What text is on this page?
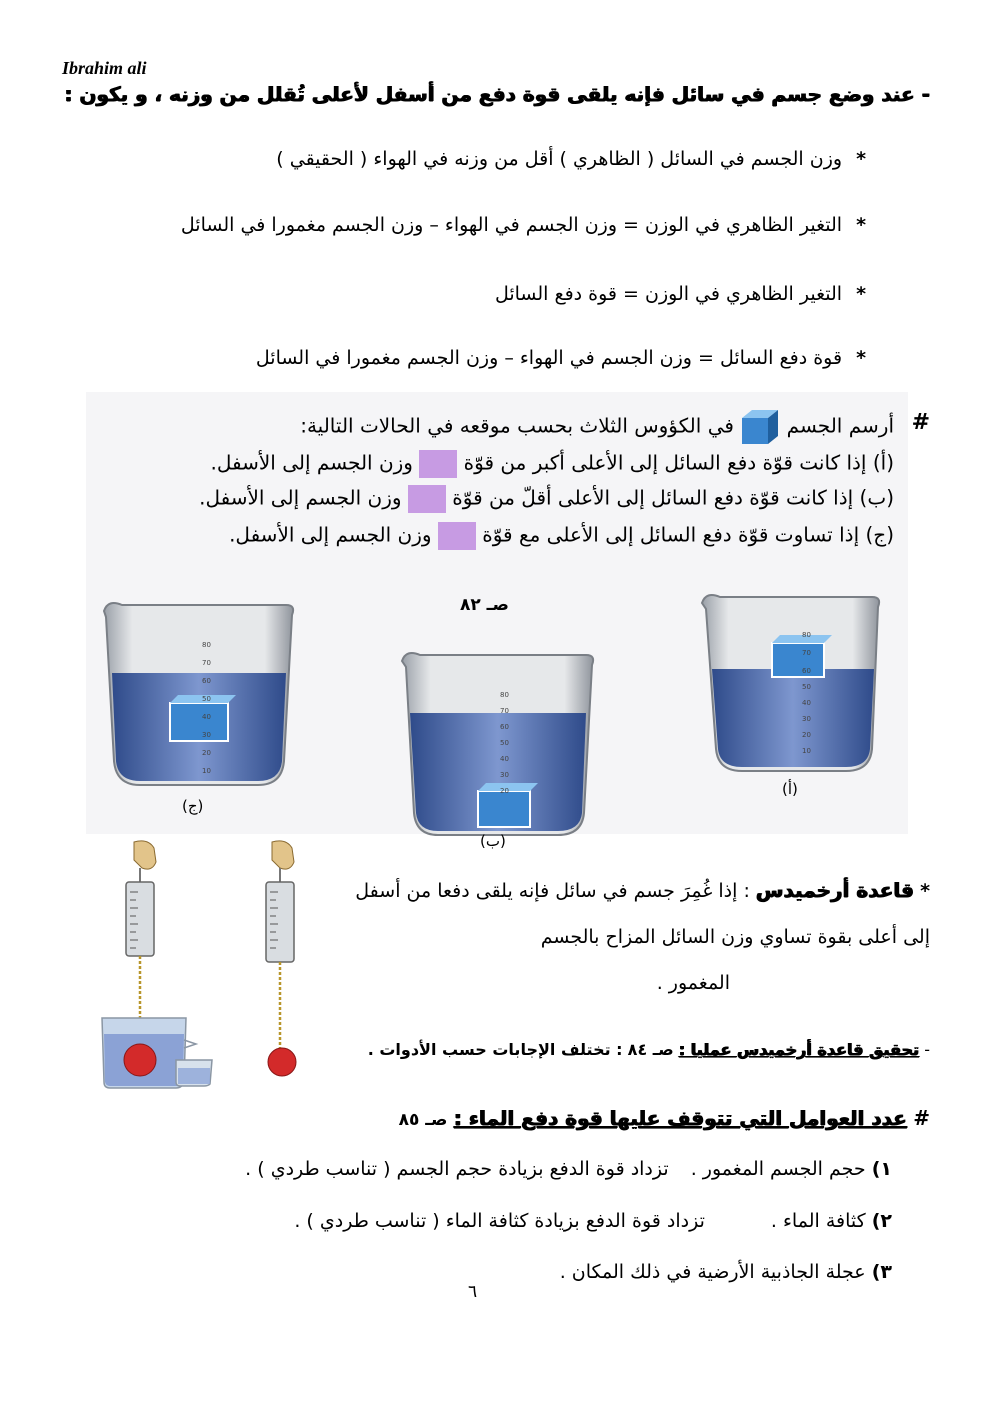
Ibrahim ali
- عند وضع جسم في سائل فإنه يلقى قوة دفع من أسفل لأعلى تُقلل من وزنه ، و يكون :
*وزن الجسم في السائل ( الظاهري ) أقل من وزنه في الهواء ( الحقيقي )
*التغير الظاهري في الوزن = وزن الجسم في الهواء – وزن الجسم مغمورا في السائل
*التغير الظاهري في الوزن = قوة دفع السائل
*قوة دفع السائل = وزن الجسم في الهواء – وزن الجسم مغمورا في السائل
#
أرسم الجسم  في الكؤوس الثلاث بحسب موقعه في الحالات التالية:
(أ) إذا كانت قوّة دفع السائل إلى الأعلى أكبر من قوّة  وزن الجسم إلى الأسفل.
(ب) إذا كانت قوّة دفع السائل إلى الأعلى أقلّ من قوّة  وزن الجسم إلى الأسفل.
(ج) إذا تساوت قوّة دفع السائل إلى الأعلى مع قوّة  وزن الجسم إلى الأسفل.
صـ ٨٢
80
70
60
50
40
30
20
10
80
70
60
50
40
30
20
80
70
60
50
40
30
20
10
(ج)
(ب)
(أ)
* قاعدة أرخميدس : إذا غُمِرَ جسم في سائل فإنه يلقى دفعا من أسفل
إلى أعلى بقوة تساوي وزن السائل المزاح بالجسم
المغمور .
- تحقيق قاعدة أرخميدس عمليا : صـ ٨٤ : تختلف الإجابات حسب الأدوات .
# عدد العوامل التي تتوقف عليها قوة دفع الماء : صـ ٨٥
١) حجم الجسم المغمور . تزداد قوة الدفع بزيادة حجم الجسم ( تناسب طردي ) .
٢) كثافة الماء . تزداد قوة الدفع بزيادة كثافة الماء ( تناسب طردي ) .
٣) عجلة الجاذبية الأرضية في ذلك المكان .
٦
